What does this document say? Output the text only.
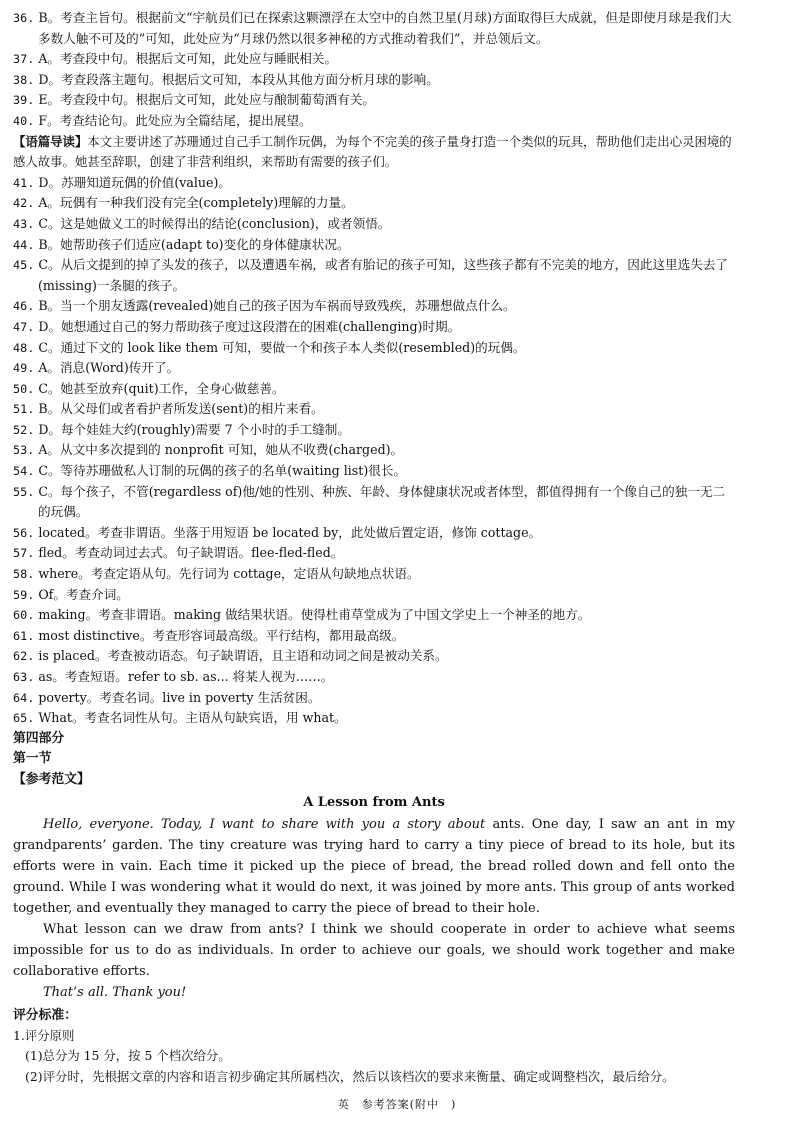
36. B。考查主旨句。根据前文“宇航员们已在探索这颗漂浮在太空中的自然卫星(月球)方面取得巨大成就，但是即使月球是我们大多数人触不可及的”可知，此处应为“月球仍然以很多神秘的方式推动着我们”，并总领后文。
37. A。考查段中句。根据后文可知，此处应与睡眠相关。
38. D。考查段落主题句。根据后文可知，本段从其他方面分析月球的影响。
39. E。考查段中句。根据后文可知，此处应与酿制葡萄酒有关。
40. F。考查结论句。此处应为全篇结尾，提出展望。
【语篇导读】本文主要讲述了苏珊通过自己手工制作玩偶，为每个不完美的孩子量身打造一个类似的玩具，帮助他们走出心灵困境的感人故事。她甚至辞职，创建了非营利组织，来帮助有需要的孩子们。
41. D。苏珊知道玩偶的价值(value)。
42. A。玩偶有一种我们没有完全(completely)理解的力量。
43. C。这是她做义工的时候得出的结论(conclusion)，或者领悟。
44. B。她帮助孩子们适应(adapt to)变化的身体健康状况。
45. C。从后文提到的掉了头发的孩子，以及遭遇车祸，或者有胎记的孩子可知，这些孩子都有不完美的地方，因此这里选失去了(missing)一条腿的孩子。
46. B。当一个朋友透露(revealed)她自己的孩子因为车祸而导致残疾，苏珊想做点什么。
47. D。她想通过自己的努力帮助孩子度过这段潜在的困难(challenging)时期。
48. C。通过下文的 look like them 可知，要做一个和孩子本人类似(resembled)的玩偶。
49. A。消息(Word)传开了。
50. C。她甚至放弃(quit)工作，全身心做慈善。
51. B。从父母们或者看护者所发送(sent)的相片来看。
52. D。每个娃娃大约(roughly)需要 7 个小时的手工缝制。
53. A。从文中多次提到的 nonprofit 可知，她从不收费(charged)。
54. C。等待苏珊做私人订制的玩偶的孩子的名单(waiting list)很长。
55. C。每个孩子，不管(regardless of)他/她的性别、种族、年龄、身体健康状况或者体型，都值得拥有一个像自己的独一无二的玩偶。
56. located。考查非谓语。坐落于用短语 be located by，此处做后置定语，修饰 cottage。
57. fled。考查动词过去式。句子缺谓语。flee-fled-fled。
58. where。考查定语从句。先行词为 cottage，定语从句缺地点状语。
59. Of。考查介词。
60. making。考查非谓语。making 做结果状语。使得杜甫草堂成为了中国文学史上一个神圣的地方。
61. most distinctive。考查形容词最高级。平行结构，都用最高级。
62. is placed。考查被动语态。句子缺谓语，且主语和动词之间是被动关系。
63. as。考查短语。refer to sb. as... 将某人视为……。
64. poverty。考查名词。live in poverty 生活贫困。
65. What。考查名词性从句。主语从句缺宾语，用 what。
第四部分
第一节
【参考范文】
A Lesson from Ants

Hello, everyone. Today, I want to share with you a story about ants. One day, I saw an ant in my grandparents’ garden. The tiny creature was trying hard to carry a tiny piece of bread to its hole, but its efforts were in vain. Each time it picked up the piece of bread, the bread rolled down and fell onto the ground. While I was wondering what it would do next, it was joined by more ants. This group of ants worked together, and eventually they managed to carry the piece of bread to their hole.

What lesson can we draw from ants? I think we should cooperate in order to achieve what seems impossible for us to do as individuals. In order to achieve our goals, we should work together and make collaborative efforts.

That’s all. Thank you!

评分标准：
1.评分原则
(1)总分为 15 分，按 5 个档次给分。
(2)评分时，先根据文章的内容和语言初步确定其所属档次，然后以该档次的要求来衡量、确定或调整档次，最后给分。
英　参考答案(附中　)
